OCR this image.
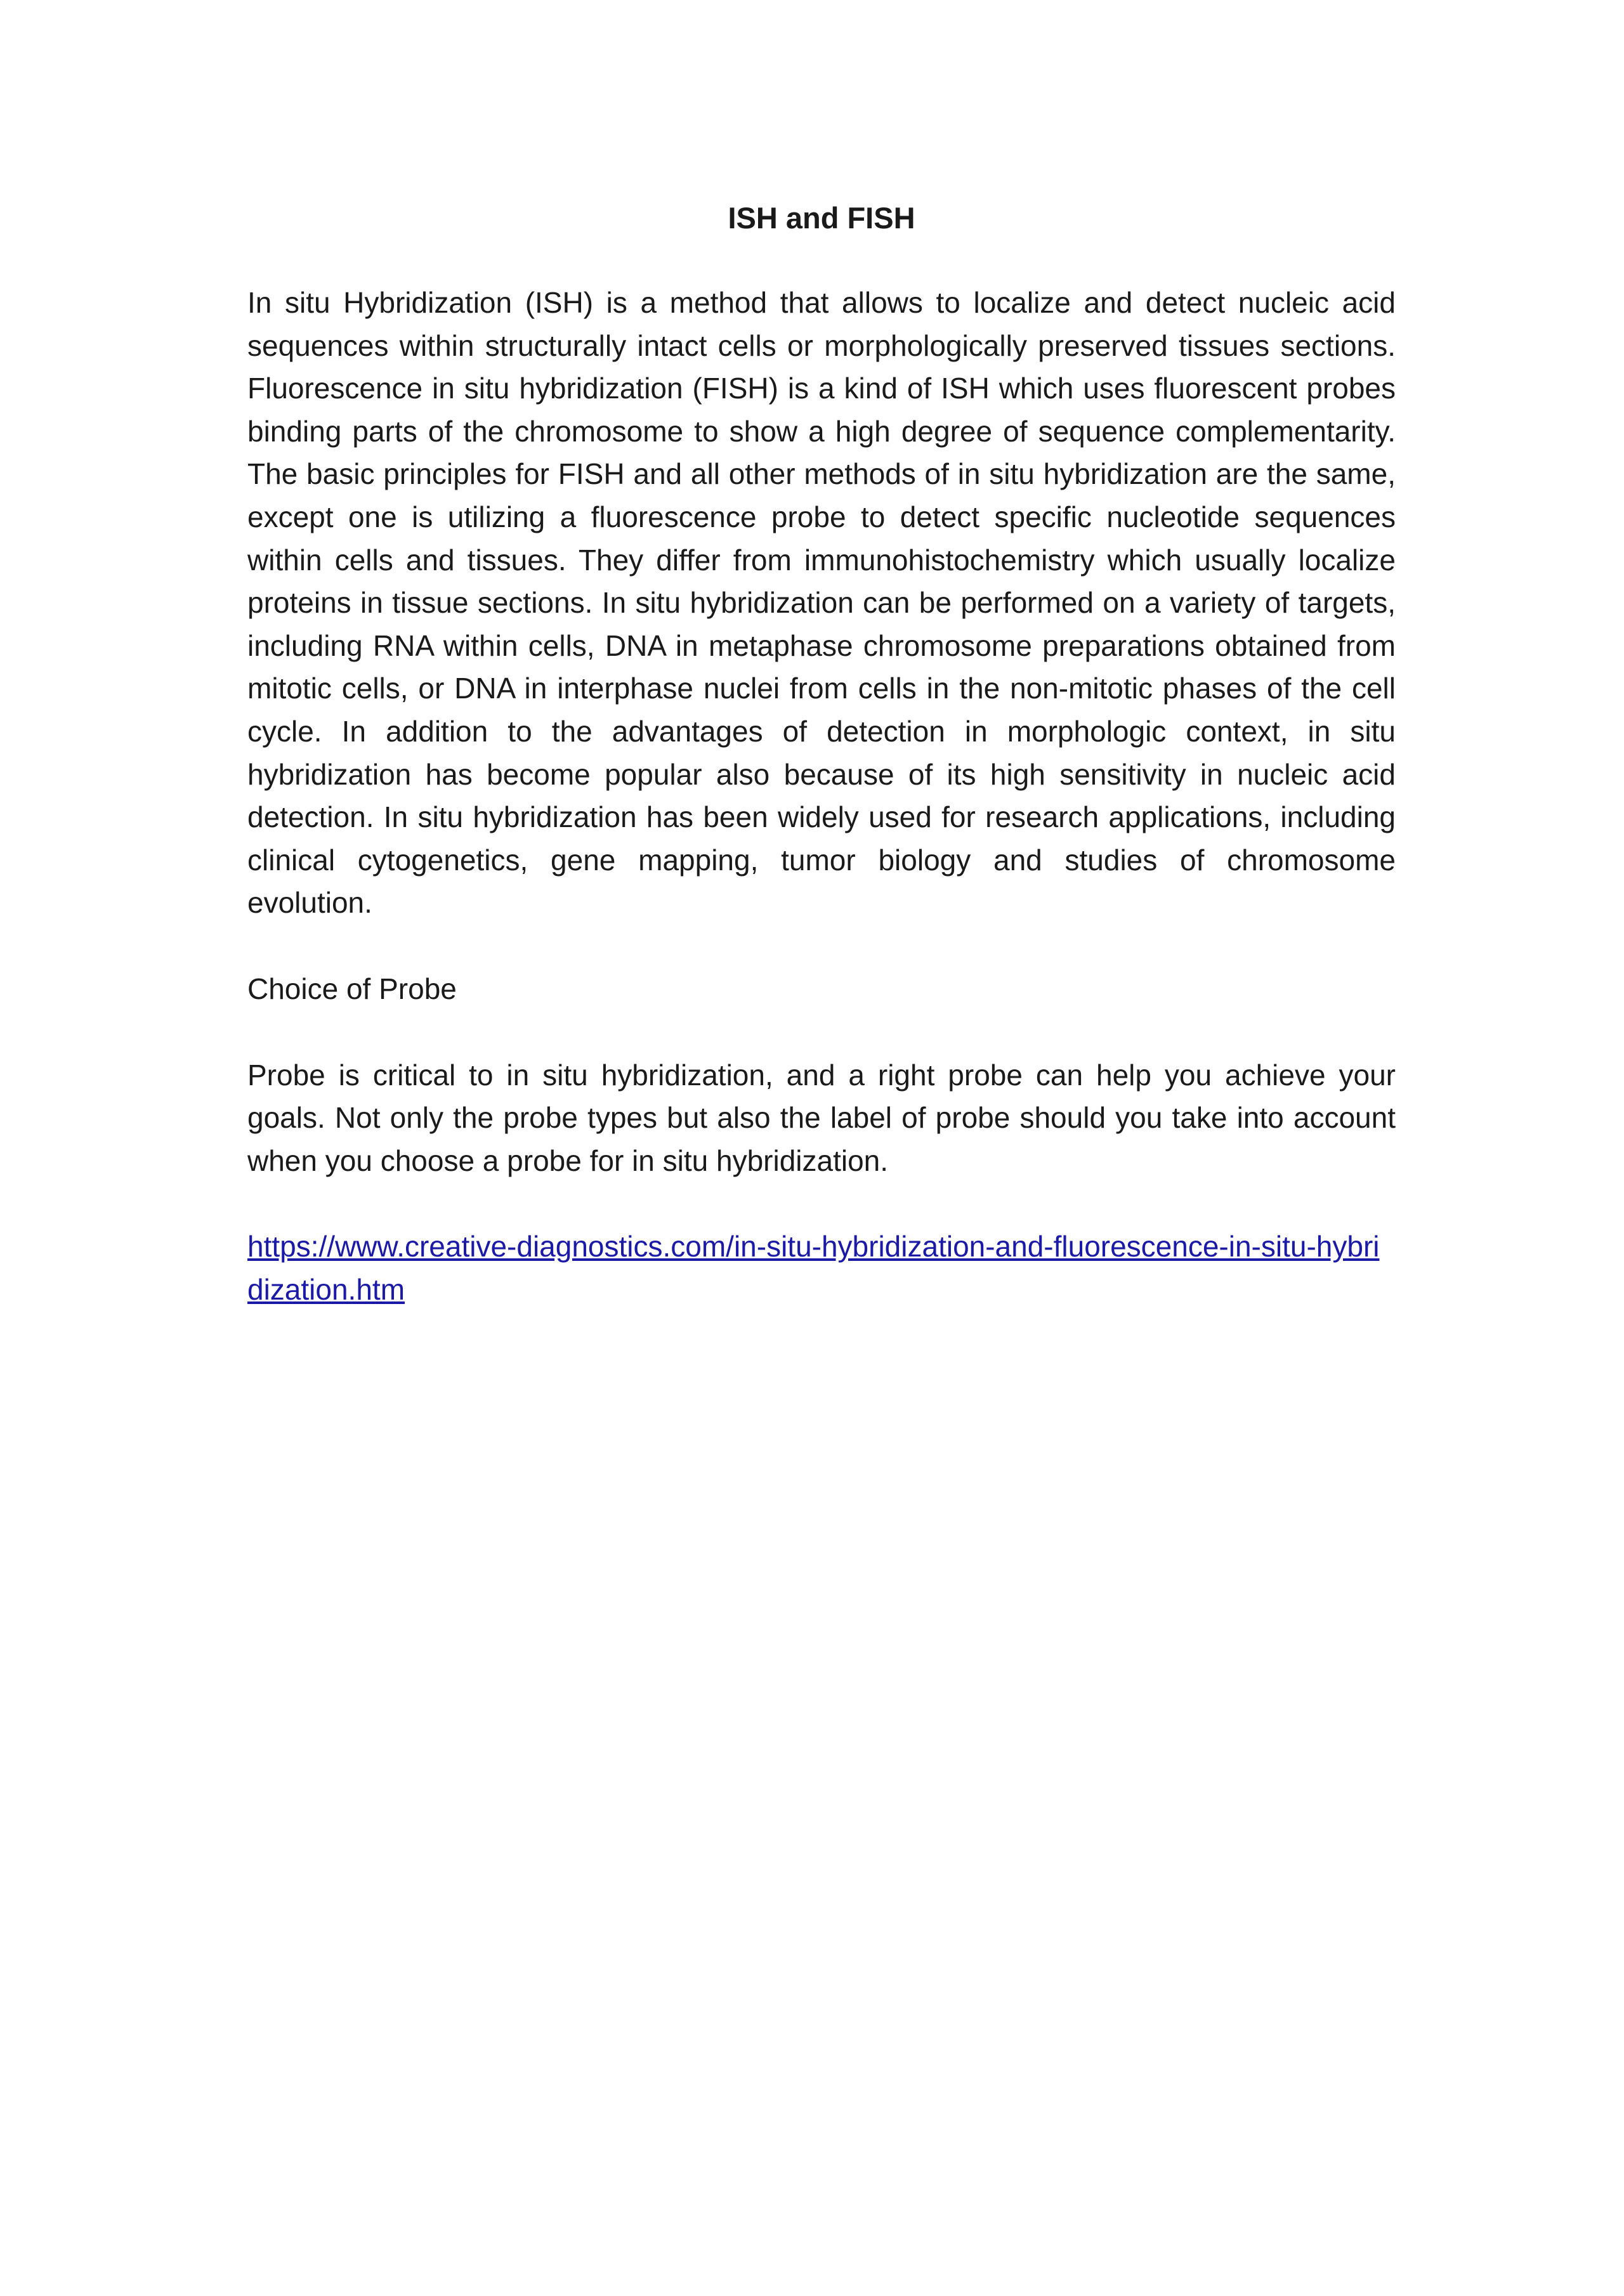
ISH and FISH

In situ Hybridization (ISH) is a method that allows to localize and detect nucleic acid sequences within structurally intact cells or morphologically preserved tissues sections. Fluorescence in situ hybridization (FISH) is a kind of ISH which uses fluorescent probes binding parts of the chromosome to show a high degree of sequence complementarity. The basic principles for FISH and all other methods of in situ hybridization are the same, except one is utilizing a fluorescence probe to detect specific nucleotide sequences within cells and tissues. They differ from immunohistochemistry which usually localize proteins in tissue sections. In situ hybridization can be performed on a variety of targets, including RNA within cells, DNA in metaphase chromosome preparations obtained from mitotic cells, or DNA in interphase nuclei from cells in the non-mitotic phases of the cell cycle. In addition to the advantages of detection in morphologic context, in situ hybridization has become popular also because of its high sensitivity in nucleic acid detection. In situ hybridization has been widely used for research applications, including clinical cytogenetics, gene mapping, tumor biology and studies of chromosome evolution.

Choice of Probe

Probe is critical to in situ hybridization, and a right probe can help you achieve your goals. Not only the probe types but also the label of probe should you take into account when you choose a probe for in situ hybridization.

https://www.creative-diagnostics.com/in-situ-hybridization-and-fluorescence-in-situ-hybridization.htm
